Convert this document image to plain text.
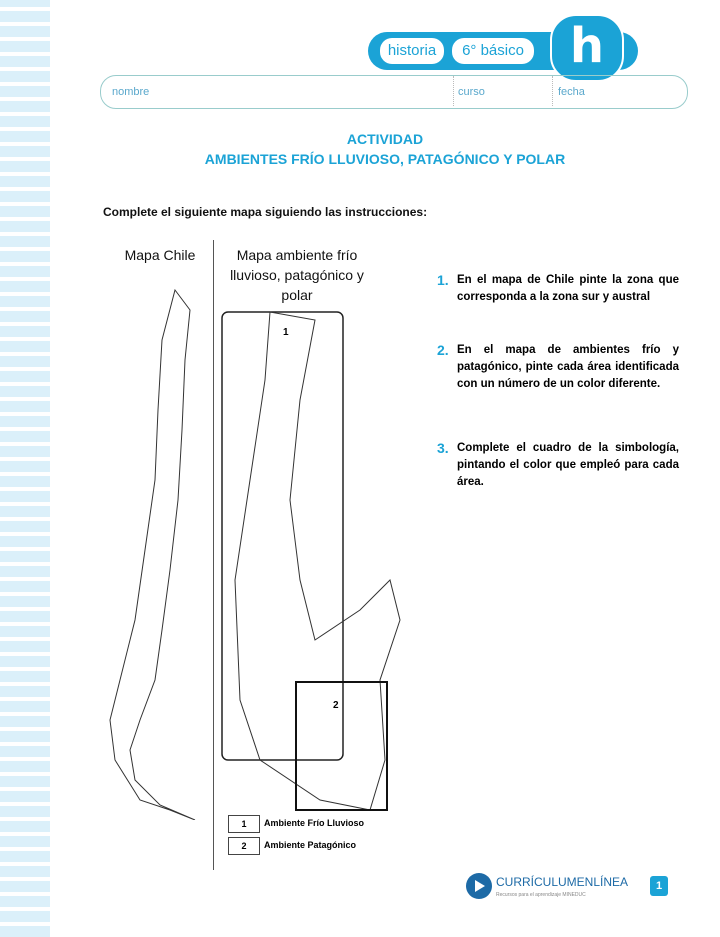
historia	6° básico h
nombre	curso	fecha
ACTIVIDAD
AMBIENTES FRÍO LLUVIOSO, PATAGÓNICO Y POLAR
Complete el siguiente mapa siguiendo las instrucciones:
Mapa Chile	Mapa ambiente frío lluvioso, patagónico y polar
1
2
1. En el mapa de Chile pinte la zona que corresponda a la zona sur y austral
2. En el mapa de ambientes frío y patagónico, pinte cada área identificada con un número de un color diferente.
3. Complete el cuadro de la simbología, pintando el color que empleó para cada área.
1	Ambiente Frío Lluvioso
2	Ambiente Patagónico
CURRÍCULUMENLÍNEA
Recursos para el aprendizaje MINEDUC
1
